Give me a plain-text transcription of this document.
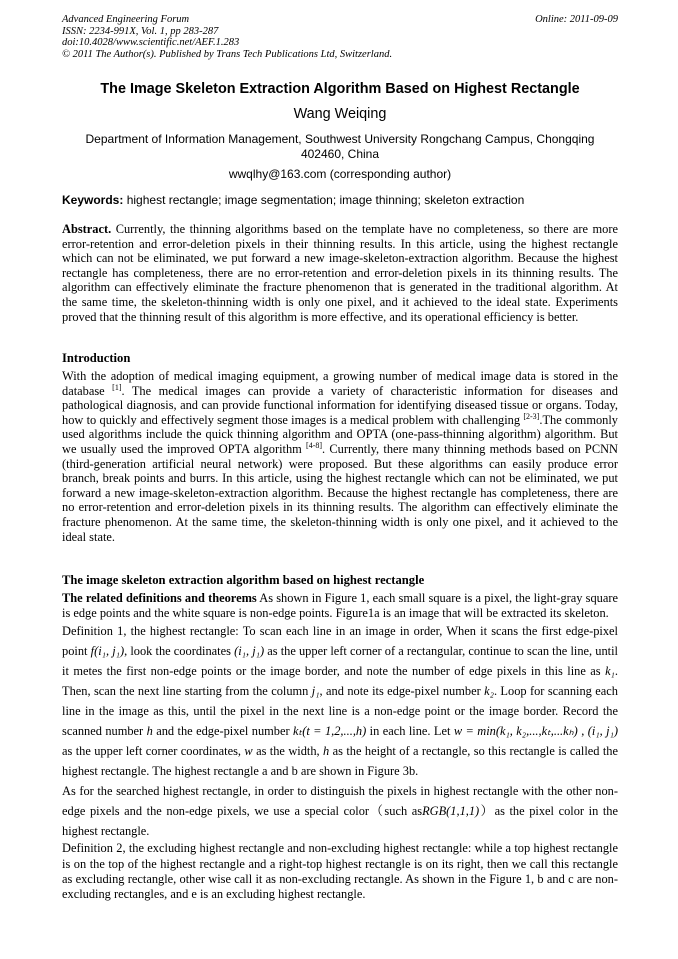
Advanced Engineering Forum	Online: 2011-09-09
ISSN: 2234-991X, Vol. 1, pp 283-287
doi:10.4028/www.scientific.net/AEF.1.283
© 2011 The Author(s). Published by Trans Tech Publications Ltd, Switzerland.
The Image Skeleton Extraction Algorithm Based on Highest Rectangle
Wang Weiqing
Department of Information Management, Southwest University Rongchang Campus, Chongqing 402460, China
wwqlhy@163.com (corresponding author)
Keywords: highest rectangle; image segmentation; image thinning; skeleton extraction
Abstract. Currently, the thinning algorithms based on the template have no completeness, so there are more error-retention and error-deletion pixels in their thinning results. In this article, using the highest rectangle which can not be eliminated, we put forward a new image-skeleton-extraction algorithm. Because the highest rectangle has completeness, there are no error-retention and error-deletion pixels in its thinning results. The algorithm can effectively eliminate the fracture phenomenon that is generated in the traditional algorithm. At the same time, the skeleton-thinning width is only one pixel, and it achieved to the ideal state. Experiments proved that the thinning result of this algorithm is more effective, and its operational efficiency is better.
Introduction
With the adoption of medical imaging equipment, a growing number of medical image data is stored in the database [1]. The medical images can provide a variety of characteristic information for diseases and pathological diagnosis, and can provide functional information for identifying diseased tissue or organs. Today, how to quickly and effectively segment those images is a medical problem with challenging [2-3].The commonly used algorithms include the quick thinning algorithm and OPTA (one-pass-thinning algorithm) algorithm. But we usually used the improved OPTA algorithm [4-8]. Currently, there many thinning methods based on PCNN (third-generation artificial neural network) were proposed. But these algorithms can easily produce error branch, break points and burrs. In this article, using the highest rectangle which can not be eliminated, we put forward a new image-skeleton-extraction algorithm. Because the highest rectangle has completeness, there are no error-retention and error-deletion pixels in its thinning results. The algorithm can effectively eliminate the fracture phenomenon. At the same time, the skeleton-thinning width is only one pixel, and it achieved to the ideal state.
The image skeleton extraction algorithm based on highest rectangle

The related definitions and theorems As shown in Figure 1, each small square is a pixel, the light-gray square is edge points and the white square is non-edge points. Figure1a is an image that will be extracted its skeleton.

Definition 1, the highest rectangle: To scan each line in an image in order, When it scans the first edge-pixel point f(i₁, j₁), look the coordinates (i₁, j₁) as the upper left corner of a rectangular, continue to scan the line, until it metes the first non-edge points or the image border, and note the number of edge pixels in this line as k₁. Then, scan the next line starting from the column j₁, and note its edge-pixel number k₂. Loop for scanning each line in the image as this, until the pixel in the next line is a non-edge point or the image border. Record the scanned number h and the edge-pixel number kₜ(t = 1,2,...,h) in each line. Let w = min(k₁, k₂,...,kₜ,...kₕ) , (i₁, j₁) as the upper left corner coordinates, w as the width, h as the height of a rectangle, so this rectangle is called the highest rectangle. The highest rectangle a and b are shown in Figure 3b.

As for the searched highest rectangle, in order to distinguish the pixels in highest rectangle with the other non-edge pixels and the non-edge pixels, we use a special color（such asRGB(1,1,1)）as the pixel color in the highest rectangle.

Definition 2, the excluding highest rectangle and non-excluding highest rectangle: while a top highest rectangle is on the top of the highest rectangle and a right-top highest rectangle is on its right, then we call this rectangle as excluding rectangle, other wise call it as non-excluding rectangle. As shown in the Figure 1, b and c are non-excluding rectangles, and e is an excluding highest rectangle.
